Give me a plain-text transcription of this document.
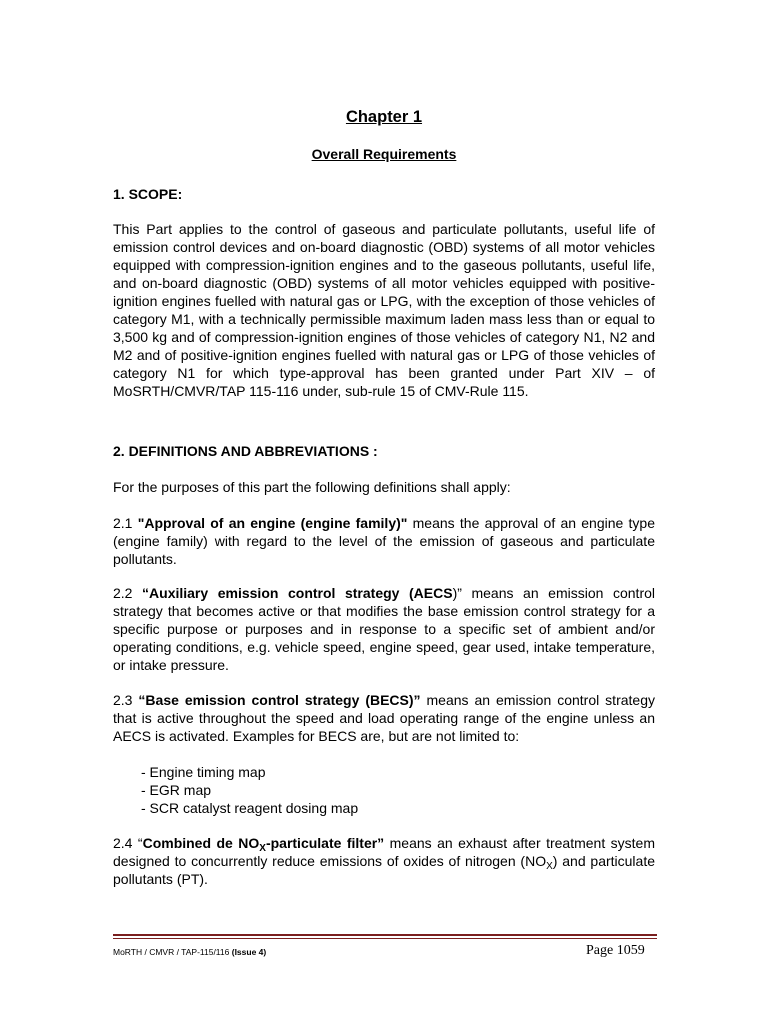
Chapter 1
Overall Requirements
1. SCOPE:
This Part applies to the control of gaseous and particulate pollutants, useful life of emission control devices and on-board diagnostic (OBD) systems of all motor vehicles equipped with compression-ignition engines and to the gaseous pollutants, useful life, and on-board diagnostic (OBD) systems of all motor vehicles equipped with positive-ignition engines fuelled with natural gas or LPG, with the exception of those vehicles of category M1, with a technically permissible maximum laden mass less than or equal to 3,500 kg and of compression-ignition engines of those vehicles of category N1, N2 and M2 and of positive-ignition engines fuelled with natural gas or LPG of those vehicles of category N1 for which type-approval has been granted under Part XIV – of MoSRTH/CMVR/TAP 115-116 under, sub-rule 15 of CMV-Rule 115.
2. DEFINITIONS AND ABBREVIATIONS :
For the purposes of this part the following definitions shall apply:
2.1 "Approval of an engine (engine family)" means the approval of an engine type (engine family) with regard to the level of the emission of gaseous and particulate pollutants.
2.2 “Auxiliary emission control strategy (AECS)” means an emission control strategy that becomes active or that modifies the base emission control strategy for a specific purpose or purposes and in response to a specific set of ambient and/or operating conditions, e.g. vehicle speed, engine speed, gear used, intake temperature, or intake pressure.
2.3 “Base emission control strategy (BECS)” means an emission control strategy that is active throughout the speed and load operating range of the engine unless an AECS is activated. Examples for BECS are, but are not limited to:
- Engine timing map
- EGR map
- SCR catalyst reagent dosing map
2.4 “Combined de $NO_X$-particulate filter” means an exhaust after treatment system designed to concurrently reduce emissions of oxides of nitrogen $(NO_X)$ and particulate pollutants (PT).
MoRTH / CMVR / TAP-115/116 (Issue 4)	Page 1059
